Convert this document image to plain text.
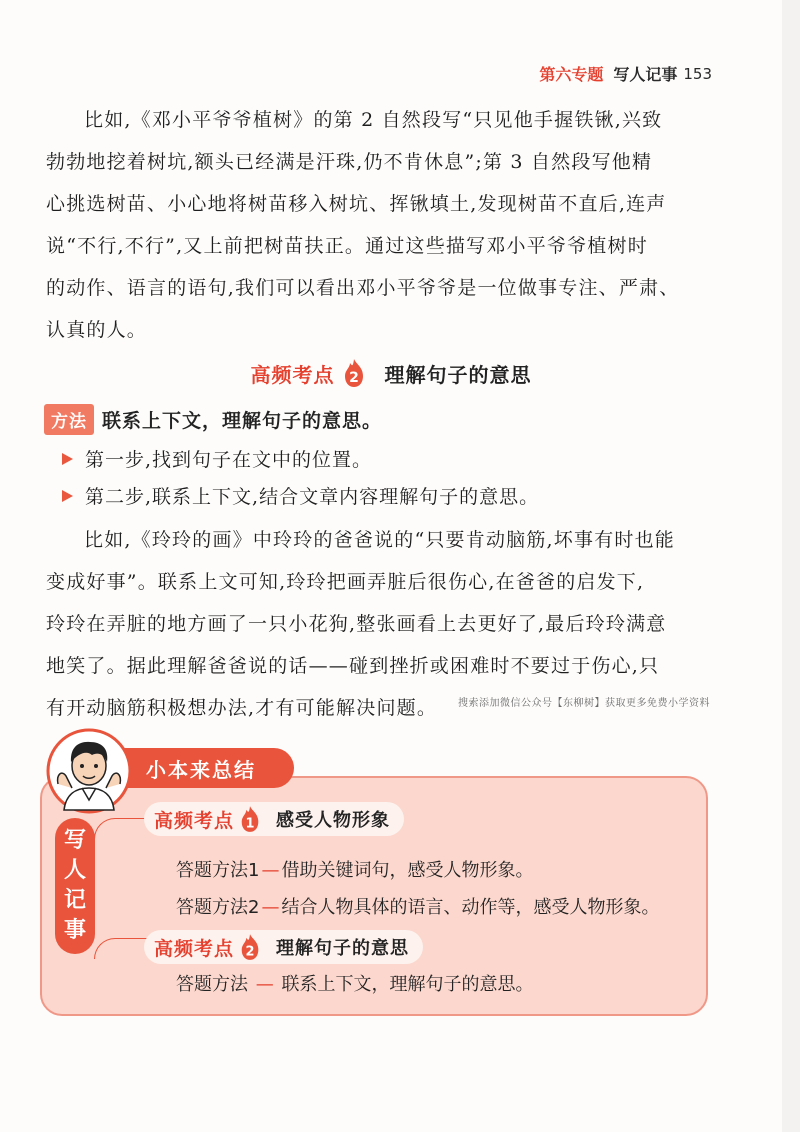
第六专题 写人记事 153
比如,《邓小平爷爷植树》的第 2 自然段写“只见他手握铁锹,兴致
勃勃地挖着树坑,额头已经满是汗珠,仍不肯休息”;第 3 自然段写他精
心挑选树苗、小心地将树苗移入树坑、挥锹填土,发现树苗不直后,连声
说“不行,不行”,又上前把树苗扶正。通过这些描写邓小平爷爷植树时
的动作、语言的语句,我们可以看出邓小平爷爷是一位做事专注、严肃、
认真的人。
高频考点 2 理解句子的意思
方法 联系上下文，理解句子的意思。
第一步,找到句子在文中的位置。
第二步,联系上下文,结合文章内容理解句子的意思。
比如,《玲玲的画》中玲玲的爸爸说的“只要肯动脑筋,坏事有时也能
变成好事”。联系上文可知,玲玲把画弄脏后很伤心,在爸爸的启发下,
玲玲在弄脏的地方画了一只小花狗,整张画看上去更好了,最后玲玲满意
地笑了。据此理解爸爸说的话——碰到挫折或困难时不要过于伤心,只
有开动脑筋积极想办法,才有可能解决问题。	搜索添加微信公众号【东柳树】获取更多免费小学资料
小本来总结
写
人
记
事
高频考点 1 感受人物形象
答题方法1 — 借助关键词句，感受人物形象。
答题方法2 — 结合人物具体的语言、动作等，感受人物形象。
高频考点 2 理解句子的意思
答题方法 — 联系上下文，理解句子的意思。
